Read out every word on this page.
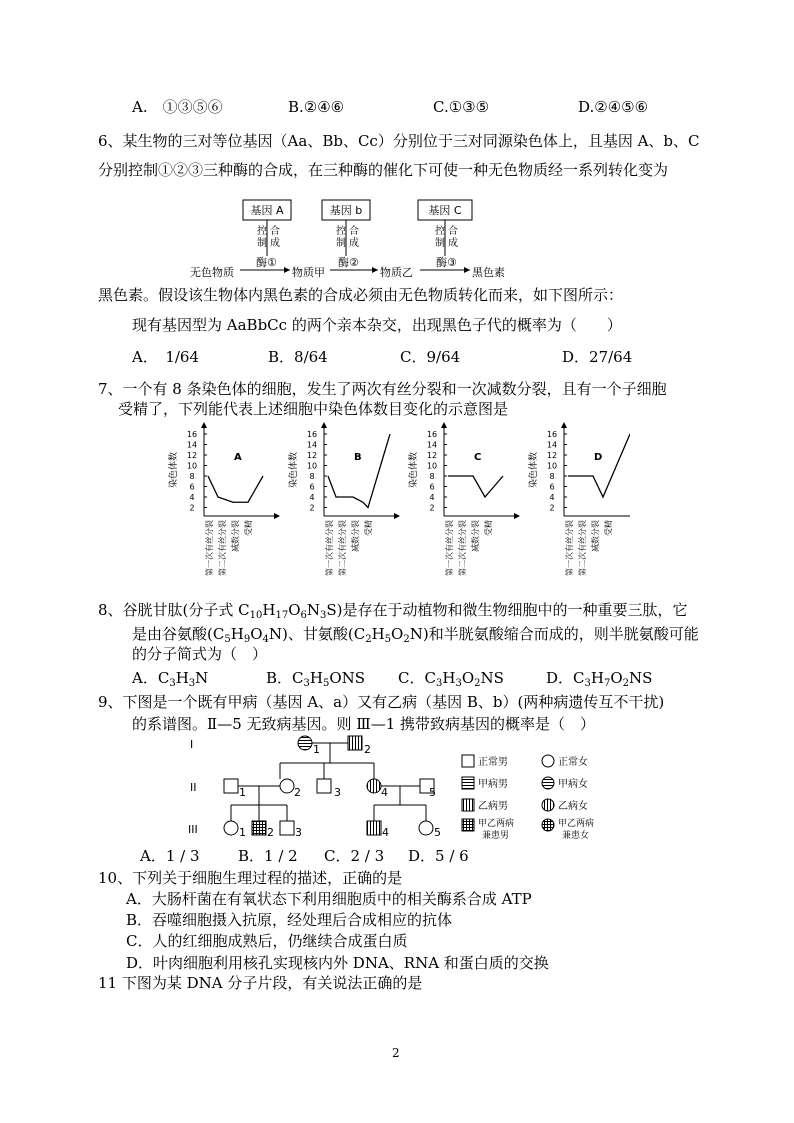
A.　①③⑤⑥	B.②④⑥	C.①③⑤	D.②④⑤⑥
6、某生物的三对等位基因（Aa、Bb、Cc）分别位于三对同源染色体上，且基因 A、b、C
分别控制①②③三种酶的合成，在三种酶的催化下可使一种无色物质经一系列转化变为
基因 A	基因 b	基因 C
控
制
合
成
控
制
合
成
控
制
合
成
酶①	酶②	酶③
无色物质	物质甲	物质乙	黑色素
黑色素。假设该生物体内黑色素的合成必须由无色物质转化而来，如下图所示：
现有基因型为 AaBbCc 的两个亲本杂交，出现黑色子代的概率为（　　）
A．　1/64	B．8/64	C．9/64	D．27/64
7、一个有 8 条染色体的细胞，发生了两次有丝分裂和一次减数分裂，且有一个子细胞
受精了，下列能代表上述细胞中染色体数目变化的示意图是
16
14
12
10
8
6
4
2
染色体数	A
第一次有丝分裂 第二次有丝分裂 减数分裂 受精
16
14
12
10
8
6
4
2
染色体数	B
第一次有丝分裂 第二次有丝分裂 减数分裂 受精
16
14
12
10
8
6
4
2
染色体数	C
第一次有丝分裂 第二次有丝分裂 减数分裂 受精
16
14
12
10
8
6
4
2
染色体数	D
第一次有丝分裂 第二次有丝分裂 减数分裂 受精
8、谷胱甘肽(分子式 $C_{10}H_{17}O_6N_3S$)是存在于动植物和微生物细胞中的一种重要三肽，它
是由谷氨酸$(C_5H_9O_4N)$、甘氨酸$(C_2H_5O_2N)$和半胱氨酸缩合而成的，则半胱氨酸可能
的分子简式为（　）
A．$C_3H_3N$	B．$C_3H_5ONS$ C．$C_3H_3O_2NS$	D．$C_3H_7O_2NS$
9、下图是一个既有甲病（基因 A、a）又有乙病（基因 B、b）(两种病遗传互不干扰)
的系谱图。Ⅱ—5 无致病基因。则 Ⅲ—1 携带致病基因的概率是（　）
I
II
III
1	2
1	2	3	4	5
1 2 3	4	5
正常男	正常女
甲病男	甲病女
乙病男	乙病女
甲乙两病
兼患男
甲乙两病
兼患女
A．1 / 3	B．1 / 2 C．2 / 3 D．5 / 6
10、下列关于细胞生理过程的描述，正确的是
A．大肠杆菌在有氧状态下利用细胞质中的相关酶系合成 ATP
B．吞噬细胞摄入抗原，经处理后合成相应的抗体
C．人的红细胞成熟后，仍继续合成蛋白质
D．叶肉细胞利用核孔实现核内外 DNA、RNA 和蛋白质的交换
11 下图为某 DNA 分子片段，有关说法正确的是
2
